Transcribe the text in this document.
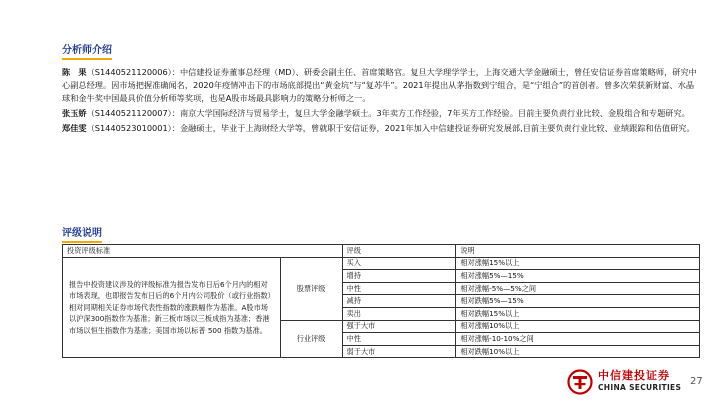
分析师介绍

陈　果（S1440521120006）：中信建投证券董事总经理（MD）、研委会副主任、首席策略官。复旦大学理学学士，上海交通大学金融硕士，曾任安信证券首席策略师，研究中心副总经理。因市场把握准确闻名，2020年疫情冲击下的市场底部提出“黄金坑”与“复苏牛”。2021年提出从茅指数到宁组合，是“宁组合”的首创者。曾多次荣获新财富、水晶球和金牛奖中国最具价值分析师等奖项，也是A股市场最具影响力的策略分析师之一。

张玉娇（S1440521120007）：南京大学国际经济与贸易学士，复旦大学金融学硕士。3年卖方工作经验，7年买方工作经验。目前主要负责行业比较、金股组合和专题研究。

郑佳雯（S1440523010001）：金融硕士，毕业于上海财经大学等，曾就职于安信证券，2021年加入中信建投证券研究发展部,目前主要负责行业比较、业绩跟踪和估值研究。

评级说明
投资评级标准		评级	说明
报告中投资建议涉及的评级标准为报告发布日后6个月内的相对市场表现，也即报告发布日后的6个月内公司股价（或行业指数）相对同期相关证券市场代表性指数的涨跌幅作为基准。A股市场以沪深300指数作为基准；新三板市场以三板成指为基准；香港市场以恒生指数作为基准；美国市场以标普 500 指数为基准。	股票评级	买入	相对涨幅15%以上
		增持	相对涨幅5%—15%
		中性	相对涨幅-5%—5%之间
		减持	相对跌幅5%—15%
		卖出	相对跌幅15%以上
	行业评级	强于大市	相对涨幅10%以上
		中性	相对涨幅-10-10%之间
		弱于大市	相对跌幅10%以上
中信建投证券
CHINA SECURITIES
27
